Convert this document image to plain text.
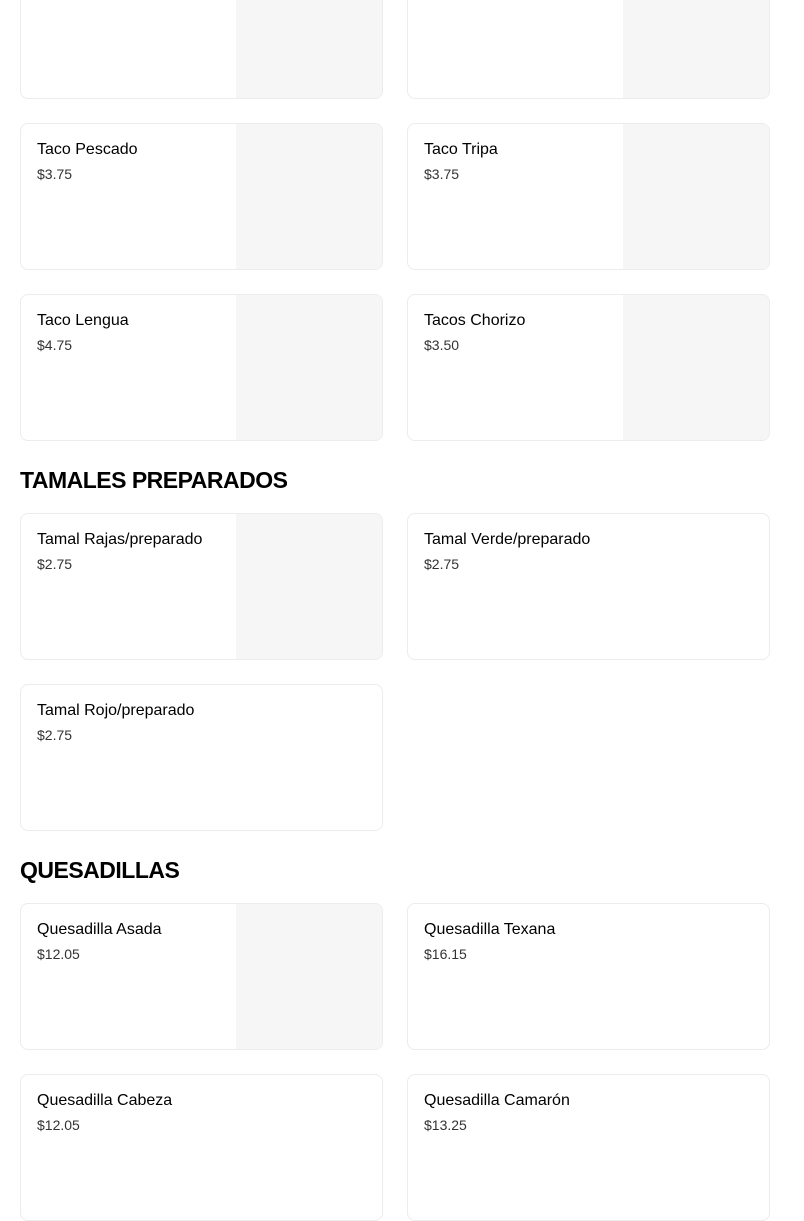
Taco Pescado
$3.75
Taco Tripa
$3.75
Taco Lengua
$4.75
Tacos Chorizo
$3.50
TAMALES PREPARADOS
Tamal Rajas/preparado
$2.75
Tamal Verde/preparado
$2.75
Tamal Rojo/preparado
$2.75
QUESADILLAS
Quesadilla Asada
$12.05
Quesadilla Texana
$16.15
Quesadilla Cabeza
$12.05
Quesadilla Camarón
$13.25
